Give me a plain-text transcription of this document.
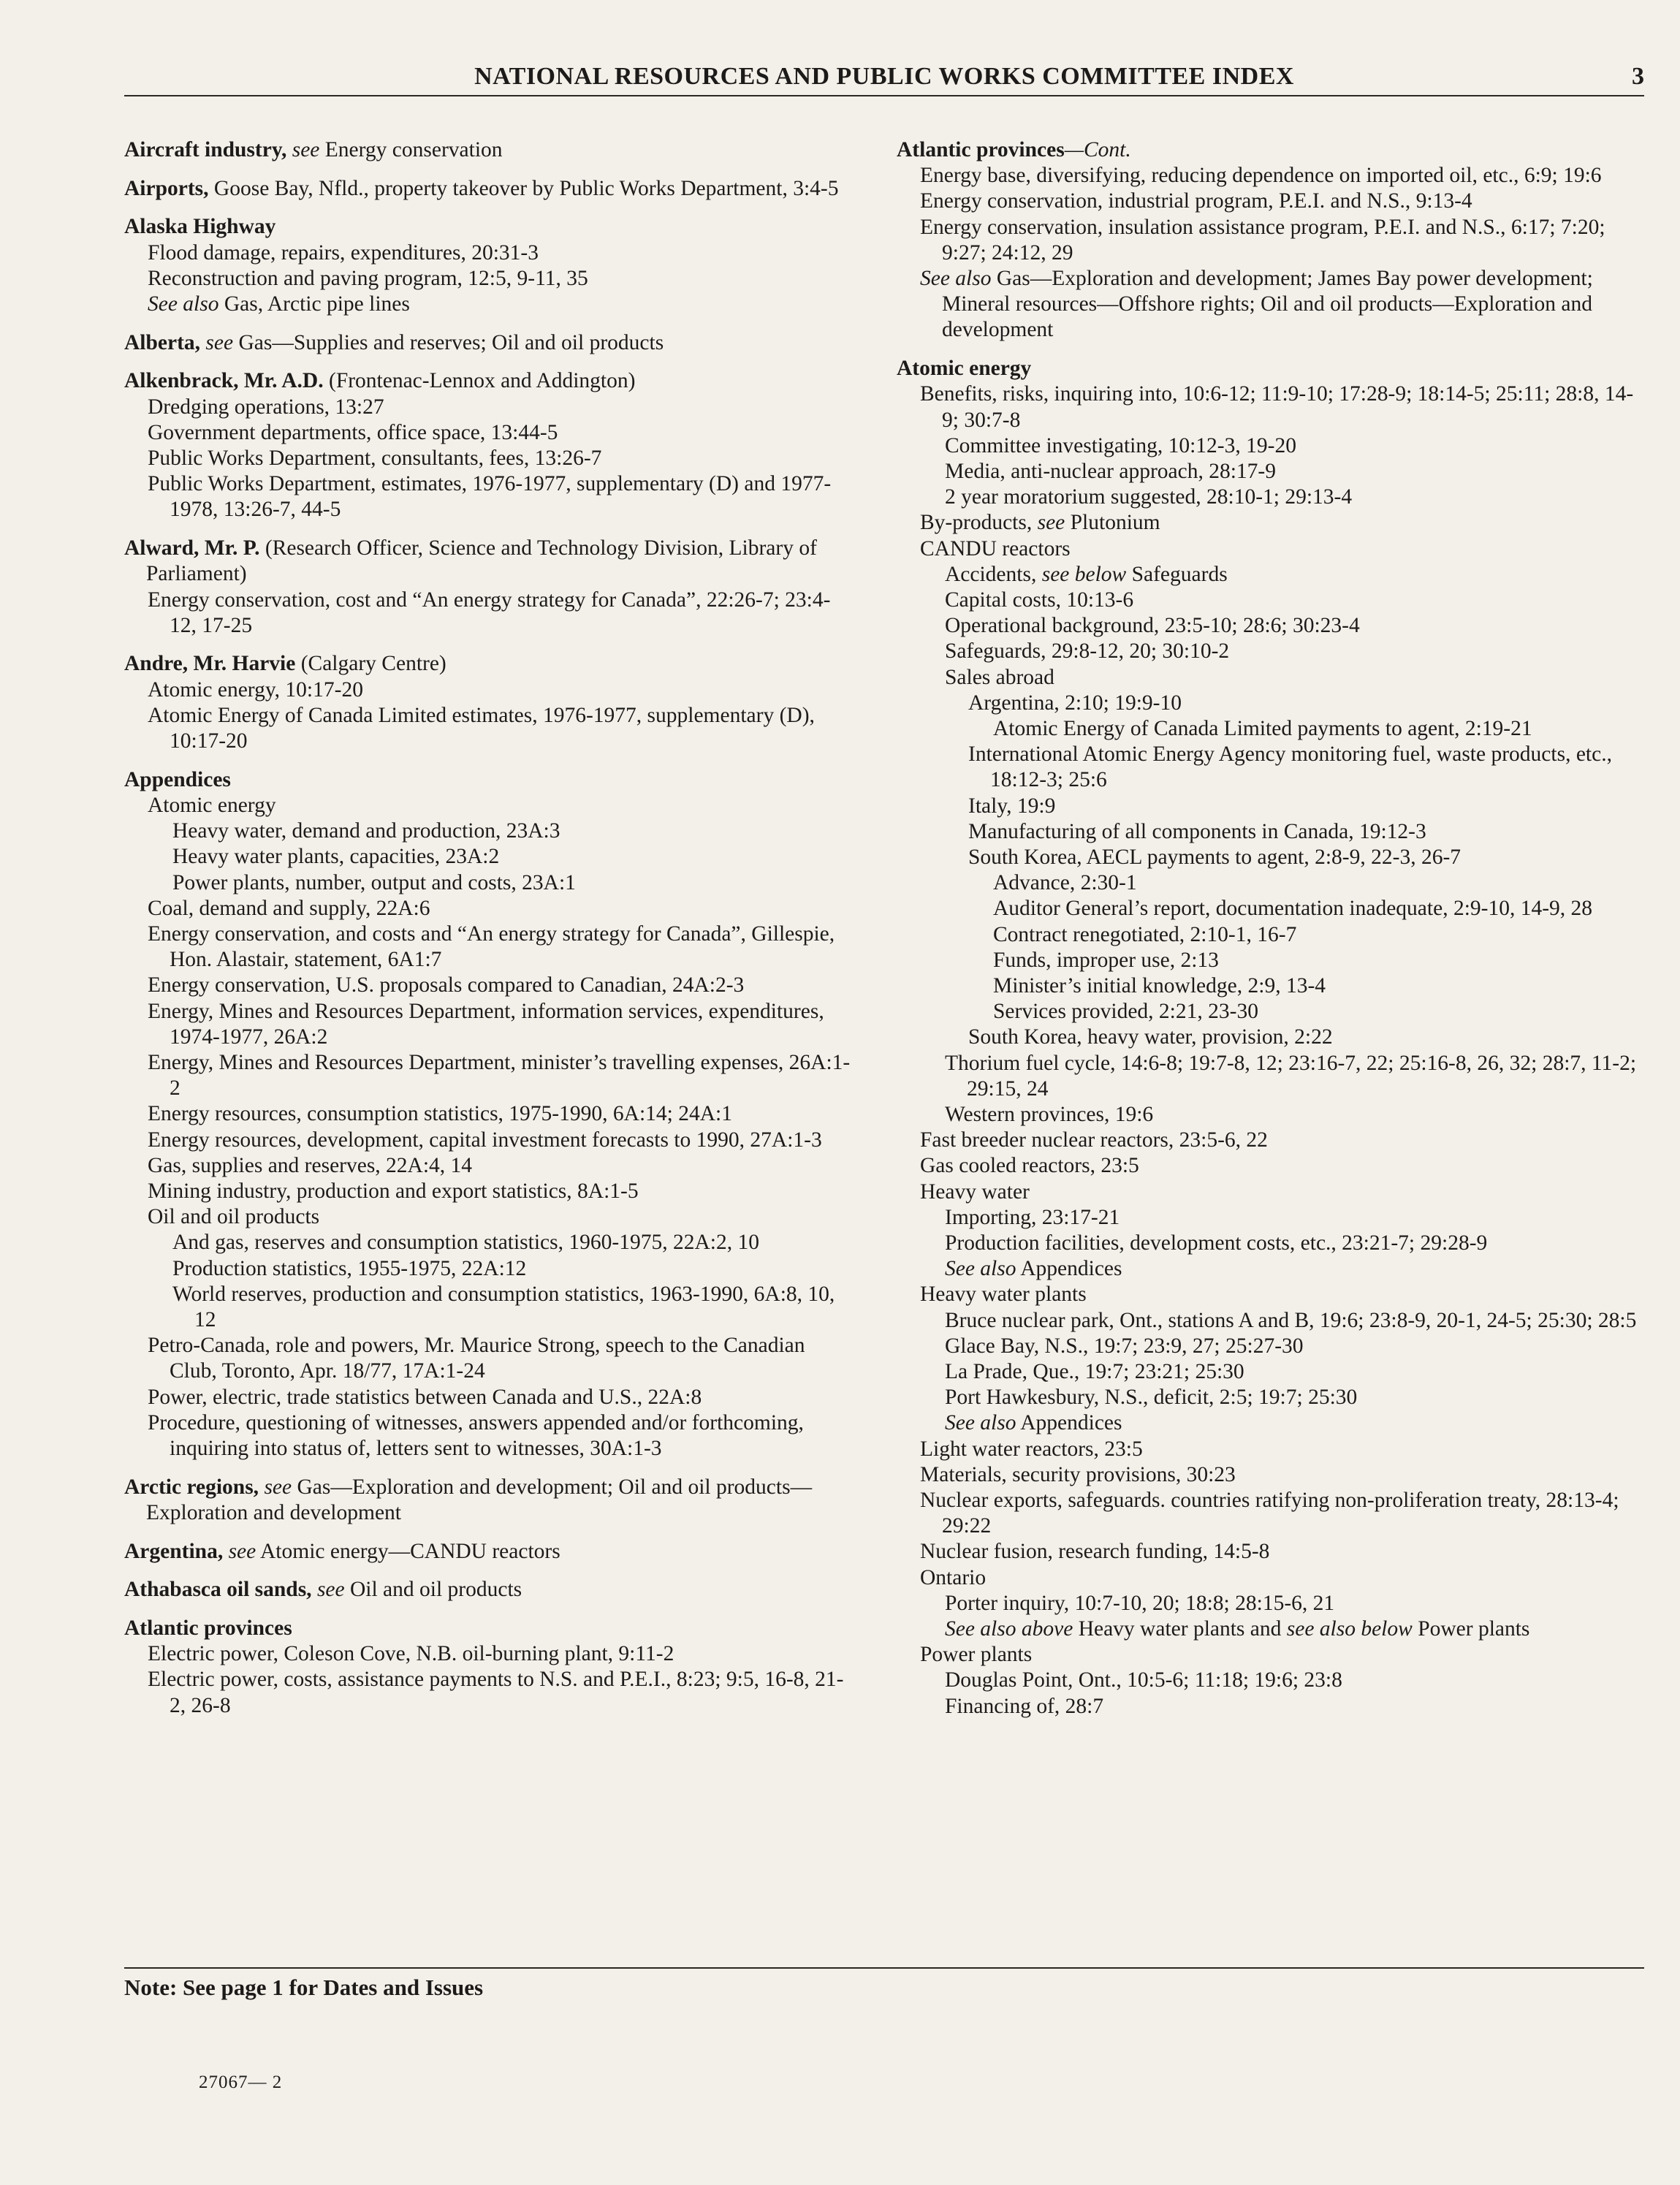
NATIONAL RESOURCES AND PUBLIC WORKS COMMITTEE INDEX	3
Aircraft industry, see Energy conservation
Airports, Goose Bay, Nfld., property takeover by Public Works Department, 3:4-5
Alaska Highway
Flood damage, repairs, expenditures, 20:31-3
Reconstruction and paving program, 12:5, 9-11, 35
See also Gas, Arctic pipe lines
Alberta, see Gas—Supplies and reserves; Oil and oil products
Alkenbrack, Mr. A.D. (Frontenac-Lennox and Addington)
Dredging operations, 13:27
Government departments, office space, 13:44-5
Public Works Department, consultants, fees, 13:26-7
Public Works Department, estimates, 1976-1977, supplementary (D) and 1977-1978, 13:26-7, 44-5
Alward, Mr. P. (Research Officer, Science and Technology Division, Library of Parliament)
Energy conservation, cost and “An energy strategy for Canada”, 22:26-7; 23:4-12, 17-25
Andre, Mr. Harvie (Calgary Centre)
Atomic energy, 10:17-20
Atomic Energy of Canada Limited estimates, 1976-1977, supplementary (D), 10:17-20
Appendices
Atomic energy
Heavy water, demand and production, 23A:3
Heavy water plants, capacities, 23A:2
Power plants, number, output and costs, 23A:1
Coal, demand and supply, 22A:6
Energy conservation, and costs and “An energy strategy for Canada”, Gillespie, Hon. Alastair, statement, 6A1:7
Energy conservation, U.S. proposals compared to Canadian, 24A:2-3
Energy, Mines and Resources Department, information services, expenditures, 1974-1977, 26A:2
Energy, Mines and Resources Department, minister’s travelling expenses, 26A:1-2
Energy resources, consumption statistics, 1975-1990, 6A:14; 24A:1
Energy resources, development, capital investment forecasts to 1990, 27A:1-3
Gas, supplies and reserves, 22A:4, 14
Mining industry, production and export statistics, 8A:1-5
Oil and oil products
And gas, reserves and consumption statistics, 1960-1975, 22A:2, 10
Production statistics, 1955-1975, 22A:12
World reserves, production and consumption statistics, 1963-1990, 6A:8, 10, 12
Petro-Canada, role and powers, Mr. Maurice Strong, speech to the Canadian Club, Toronto, Apr. 18/77, 17A:1-24
Power, electric, trade statistics between Canada and U.S., 22A:8
Procedure, questioning of witnesses, answers appended and/or forthcoming, inquiring into status of, letters sent to witnesses, 30A:1-3
Arctic regions, see Gas—Exploration and development; Oil and oil products—Exploration and development
Argentina, see Atomic energy—CANDU reactors
Athabasca oil sands, see Oil and oil products
Atlantic provinces
Electric power, Coleson Cove, N.B. oil-burning plant, 9:11-2
Electric power, costs, assistance payments to N.S. and P.E.I., 8:23; 9:5, 16-8, 21-2, 26-8
Atlantic provinces—Cont.
Energy base, diversifying, reducing dependence on imported oil, etc., 6:9; 19:6
Energy conservation, industrial program, P.E.I. and N.S., 9:13-4
Energy conservation, insulation assistance program, P.E.I. and N.S., 6:17; 7:20; 9:27; 24:12, 29
See also Gas—Exploration and development; James Bay power development; Mineral resources—Offshore rights; Oil and oil products—Exploration and development
Atomic energy
Benefits, risks, inquiring into, 10:6-12; 11:9-10; 17:28-9; 18:14-5; 25:11; 28:8, 14-9; 30:7-8
Committee investigating, 10:12-3, 19-20
Media, anti-nuclear approach, 28:17-9
2 year moratorium suggested, 28:10-1; 29:13-4
By-products, see Plutonium
CANDU reactors
Accidents, see below Safeguards
Capital costs, 10:13-6
Operational background, 23:5-10; 28:6; 30:23-4
Safeguards, 29:8-12, 20; 30:10-2
Sales abroad
Argentina, 2:10; 19:9-10
Atomic Energy of Canada Limited payments to agent, 2:19-21
International Atomic Energy Agency monitoring fuel, waste products, etc., 18:12-3; 25:6
Italy, 19:9
Manufacturing of all components in Canada, 19:12-3
South Korea, AECL payments to agent, 2:8-9, 22-3, 26-7
Advance, 2:30-1
Auditor General’s report, documentation inadequate, 2:9-10, 14-9, 28
Contract renegotiated, 2:10-1, 16-7
Funds, improper use, 2:13
Minister’s initial knowledge, 2:9, 13-4
Services provided, 2:21, 23-30
South Korea, heavy water, provision, 2:22
Thorium fuel cycle, 14:6-8; 19:7-8, 12; 23:16-7, 22; 25:16-8, 26, 32; 28:7, 11-2; 29:15, 24
Western provinces, 19:6
Fast breeder nuclear reactors, 23:5-6, 22
Gas cooled reactors, 23:5
Heavy water
Importing, 23:17-21
Production facilities, development costs, etc., 23:21-7; 29:28-9
See also Appendices
Heavy water plants
Bruce nuclear park, Ont., stations A and B, 19:6; 23:8-9, 20-1, 24-5; 25:30; 28:5
Glace Bay, N.S., 19:7; 23:9, 27; 25:27-30
La Prade, Que., 19:7; 23:21; 25:30
Port Hawkesbury, N.S., deficit, 2:5; 19:7; 25:30
See also Appendices
Light water reactors, 23:5
Materials, security provisions, 30:23
Nuclear exports, safeguards. countries ratifying non-proliferation treaty, 28:13-4; 29:22
Nuclear fusion, research funding, 14:5-8
Ontario
Porter inquiry, 10:7-10, 20; 18:8; 28:15-6, 21
See also above Heavy water plants and see also below Power plants
Power plants
Douglas Point, Ont., 10:5-6; 11:18; 19:6; 23:8
Financing of, 28:7
Note: See page 1 for Dates and Issues
27067— 2
